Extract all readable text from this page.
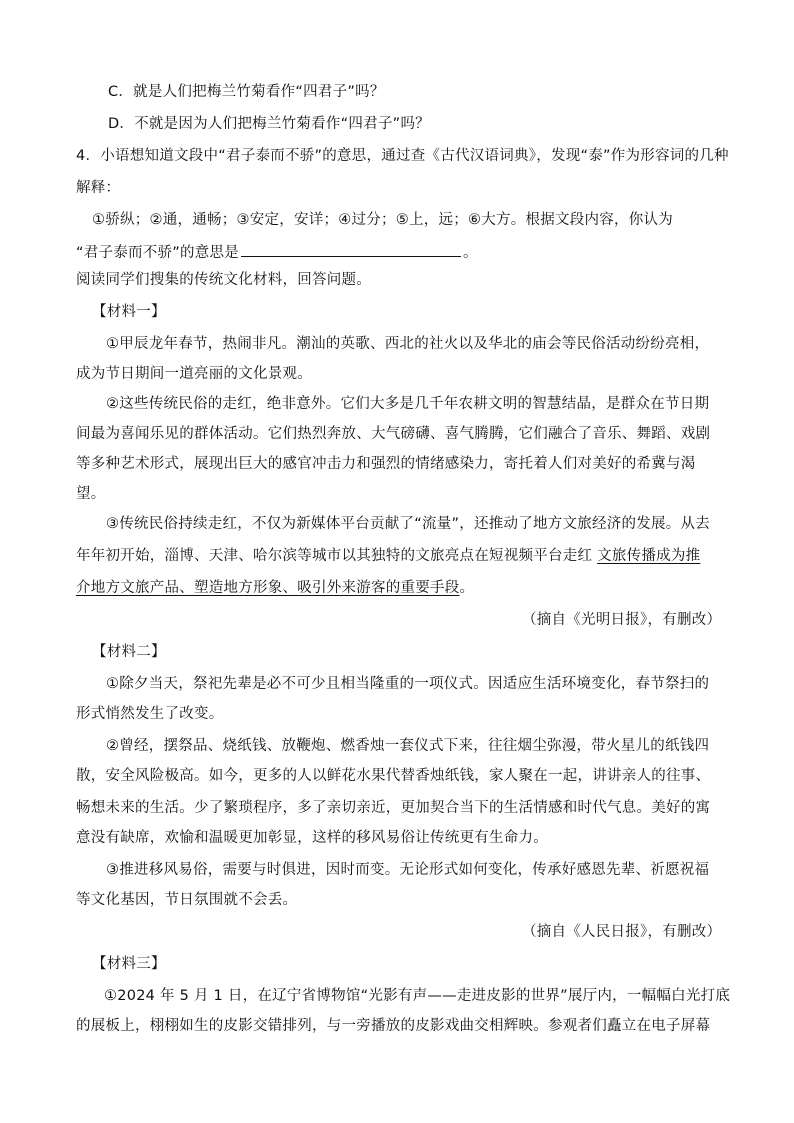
C．就是人们把梅兰竹菊看作“四君子”吗？
D．不就是因为人们把梅兰竹菊看作“四君子”吗？
4．小语想知道文段中“君子泰而不骄”的意思，通过查《古代汉语词典》，发现“泰”作为形容词的几种
解释：
①骄纵；②通，通畅；③安定，安详；④过分；⑤上，远；⑥大方。根据文段内容，你认为
“君子泰而不骄”的意思是	。
阅读同学们搜集的传统文化材料，回答问题。
【材料一】
①甲辰龙年春节，热闹非凡。潮汕的英歌、西北的社火以及华北的庙会等民俗活动纷纷亮相，
成为节日期间一道亮丽的文化景观。
②这些传统民俗的走红，绝非意外。它们大多是几千年农耕文明的智慧结晶，是群众在节日期
间最为喜闻乐见的群体活动。它们热烈奔放、大气磅礴、喜气腾腾，它们融合了音乐、舞蹈、戏剧
等多种艺术形式，展现出巨大的感官冲击力和强烈的情绪感染力，寄托着人们对美好的希冀与渴
望。
③传统民俗持续走红，不仅为新媒体平台贡献了“流量”，还推动了地方文旅经济的发展。从去
年年初开始，淄博、天津、哈尔滨等城市以其独特的文旅亮点在短视频平台走红 文旅传播成为推
介地方文旅产品、塑造地方形象、吸引外来游客的重要手段。
（摘自《光明日报》，有删改）
【材料二】
①除夕当天，祭祀先辈是必不可少且相当隆重的一项仪式。因适应生活环境变化，春节祭扫的
形式悄然发生了改变。
②曾经，摆祭品、烧纸钱、放鞭炮、燃香烛一套仪式下来，往往烟尘弥漫，带火星儿的纸钱四
散，安全风险极高。如今，更多的人以鲜花水果代替香烛纸钱，家人聚在一起，讲讲亲人的往事、
畅想未来的生活。少了繁琐程序，多了亲切亲近，更加契合当下的生活情感和时代气息。美好的寓
意没有缺席，欢愉和温暖更加彰显，这样的移风易俗让传统更有生命力。
③推进移风易俗，需要与时俱进，因时而变。无论形式如何变化，传承好感恩先辈、祈愿祝福
等文化基因，节日氛围就不会丢。
（摘自《人民日报》，有删改）
【材料三】
①2024 年 5 月 1 日，在辽宁省博物馆“光影有声——走进皮影的世界”展厅内，一幅幅白光打底
的展板上，栩栩如生的皮影交错排列，与一旁播放的皮影戏曲交相辉映。参观者们矗立在电子屏幕
